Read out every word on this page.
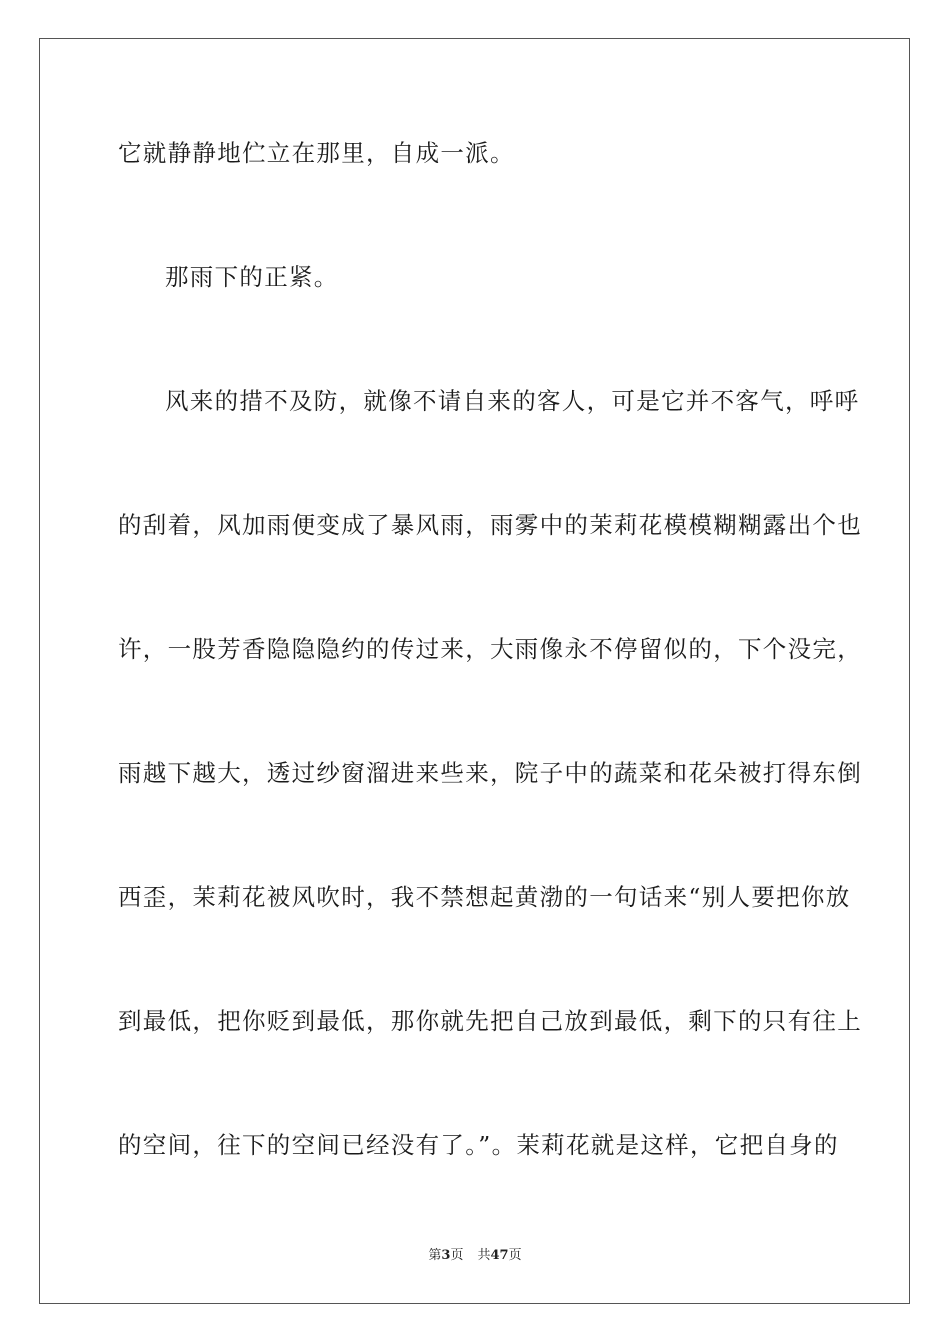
它就静静地伫立在那里，自成一派。
那雨下的正紧。
风来的措不及防，就像不请自来的客人，可是它并不客气，呼呼
的刮着，风加雨便变成了暴风雨，雨雾中的茉莉花模模糊糊露出个也
许，一股芳香隐隐隐约的传过来，大雨像永不停留似的，下个没完，
雨越下越大，透过纱窗溜进来些来，院子中的蔬菜和花朵被打得东倒
西歪，茉莉花被风吹时，我不禁想起黄渤的一句话来“别人要把你放
到最低，把你贬到最低，那你就先把自己放到最低，剩下的只有往上
的空间，往下的空间已经没有了。”。茉莉花就是这样，它把自身的
第3页 共47页
